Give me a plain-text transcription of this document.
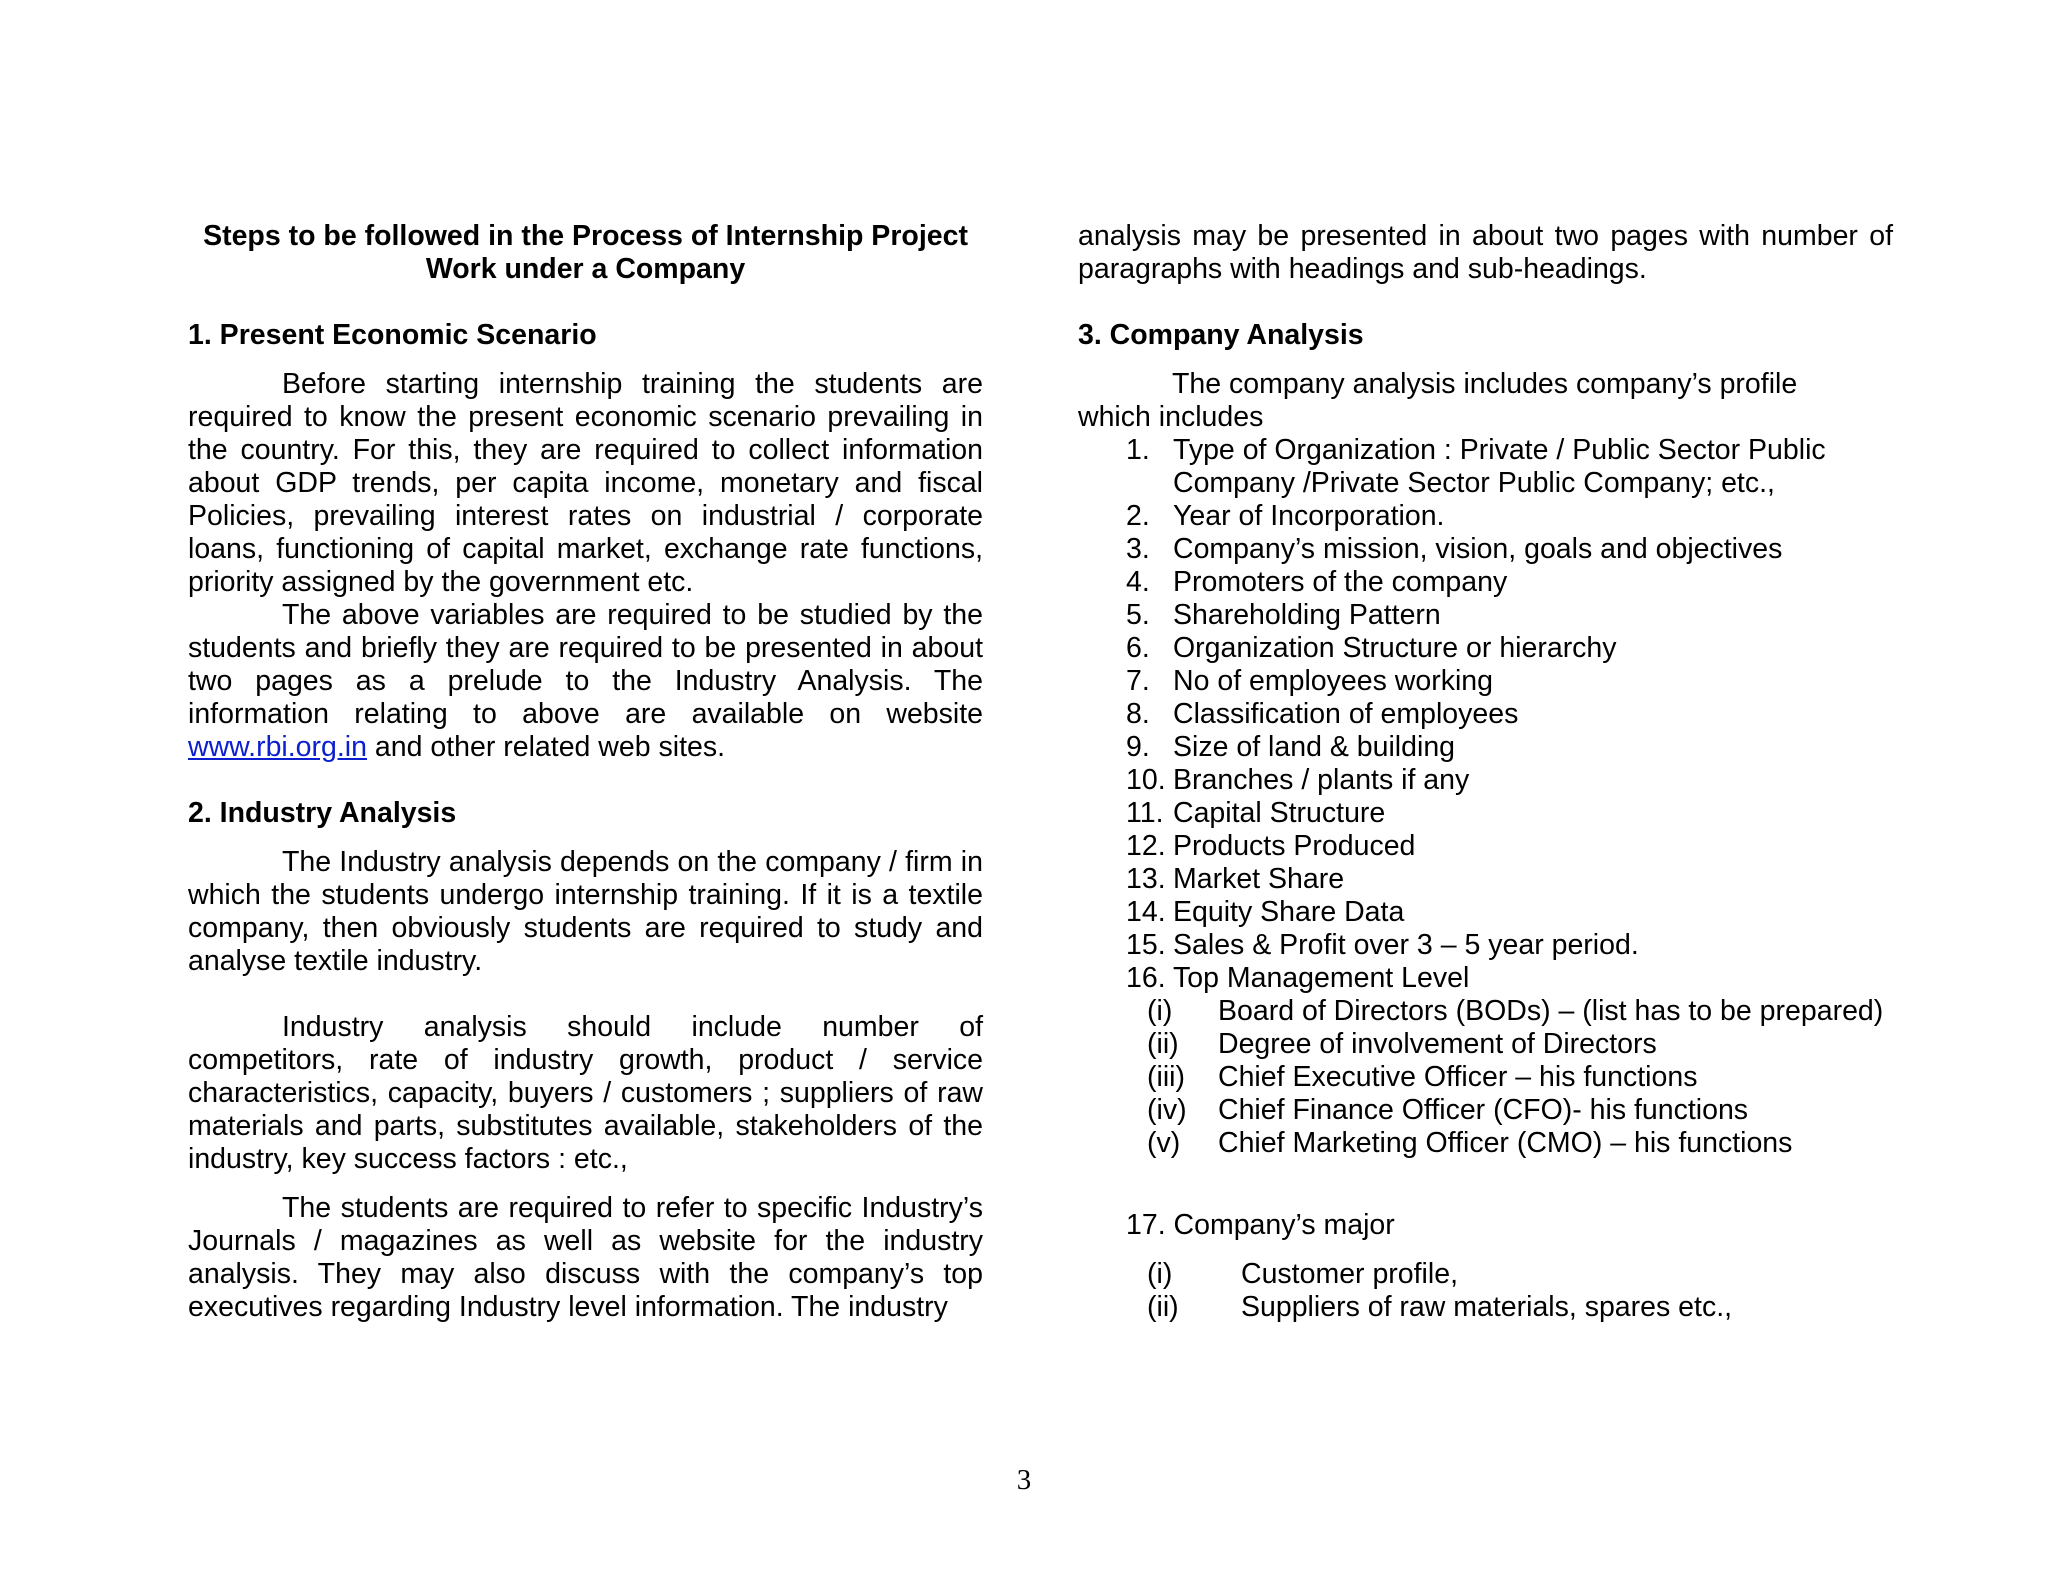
Steps to be followed in the Process of Internship Project Work under a Company

1. Present Economic Scenario

Before starting internship training the students are required to know the present economic scenario prevailing in the country. For this, they are required to collect information about GDP trends, per capita income, monetary and fiscal Policies, prevailing interest rates on industrial / corporate loans, functioning of capital market, exchange rate functions, priority assigned by the government etc.

The above variables are required to be studied by the students and briefly they are required to be presented in about two pages as a prelude to the Industry Analysis. The information relating to above are available on website www.rbi.org.in and other related web sites.

2. Industry Analysis

The Industry analysis depends on the company / firm in which the students undergo internship training. If it is a textile company, then obviously students are required to study and analyse textile industry.

Industry analysis should include number of competitors, rate of industry growth, product / service characteristics, capacity, buyers / customers ; suppliers of raw materials and parts, substitutes available, stakeholders of the industry, key success factors : etc.,

The students are required to refer to specific Industry’s Journals / magazines as well as website for the industry analysis. They may also discuss with the company’s top executives regarding Industry level information. The industry

analysis may be presented in about two pages with number of paragraphs with headings and sub-headings.

3. Company Analysis

The company analysis includes company’s profile

which includes

1. Type of Organization : Private / Public Sector Public Company /Private Sector Public Company; etc.,
2. Year of Incorporation.
3. Company’s mission, vision, goals and objectives
4. Promoters of the company
5. Shareholding Pattern
6. Organization Structure or hierarchy
7. No of employees working
8. Classification of employees
9. Size of land & building
10. Branches / plants if any
11. Capital Structure
12. Products Produced
13. Market Share
14. Equity Share Data
15. Sales & Profit over 3 – 5 year period.
16. Top Management Level
(i)	Board of Directors (BODs) – (list has to be prepared)
(ii)	Degree of involvement of Directors
(iii)	Chief Executive Officer – his functions
(iv)	Chief Finance Officer (CFO)- his functions
(v)	Chief Marketing Officer (CMO) – his functions

17. Company’s major

(i)	Customer profile,
(ii)	Suppliers of raw materials, spares etc.,
3
